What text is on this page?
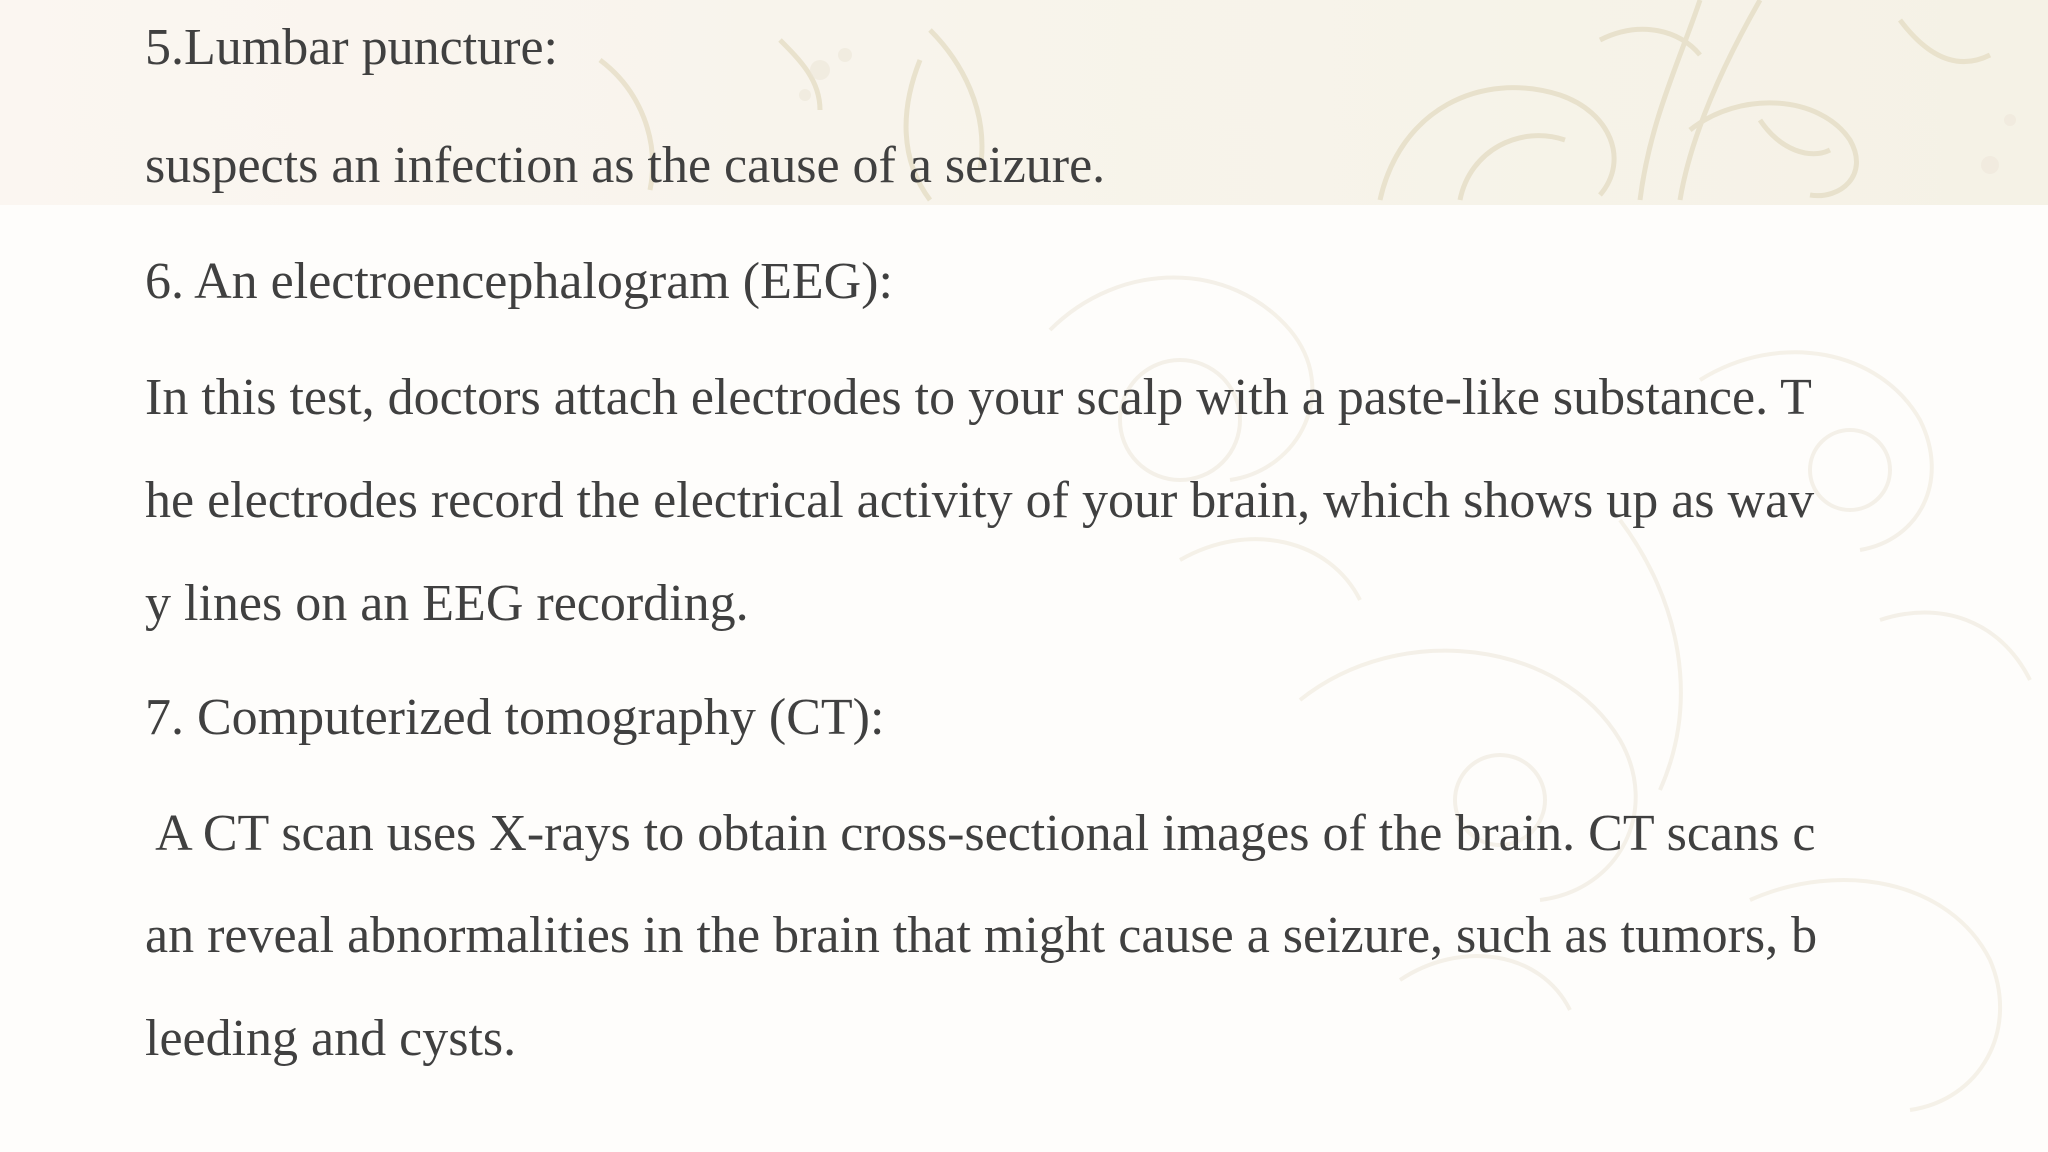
5.Lumbar puncture:
suspects an infection as the cause of a seizure.
6. An electroencephalogram (EEG):
In this test, doctors attach electrodes to your scalp with a paste-like substance. T
he electrodes record the electrical activity of your brain, which shows up as wav
y lines on an EEG recording.
7. Computerized tomography (CT):
A CT scan uses X-rays to obtain cross-sectional images of the brain. CT scans c
an reveal abnormalities in the brain that might cause a seizure, such as tumors, b
leeding and cysts.
